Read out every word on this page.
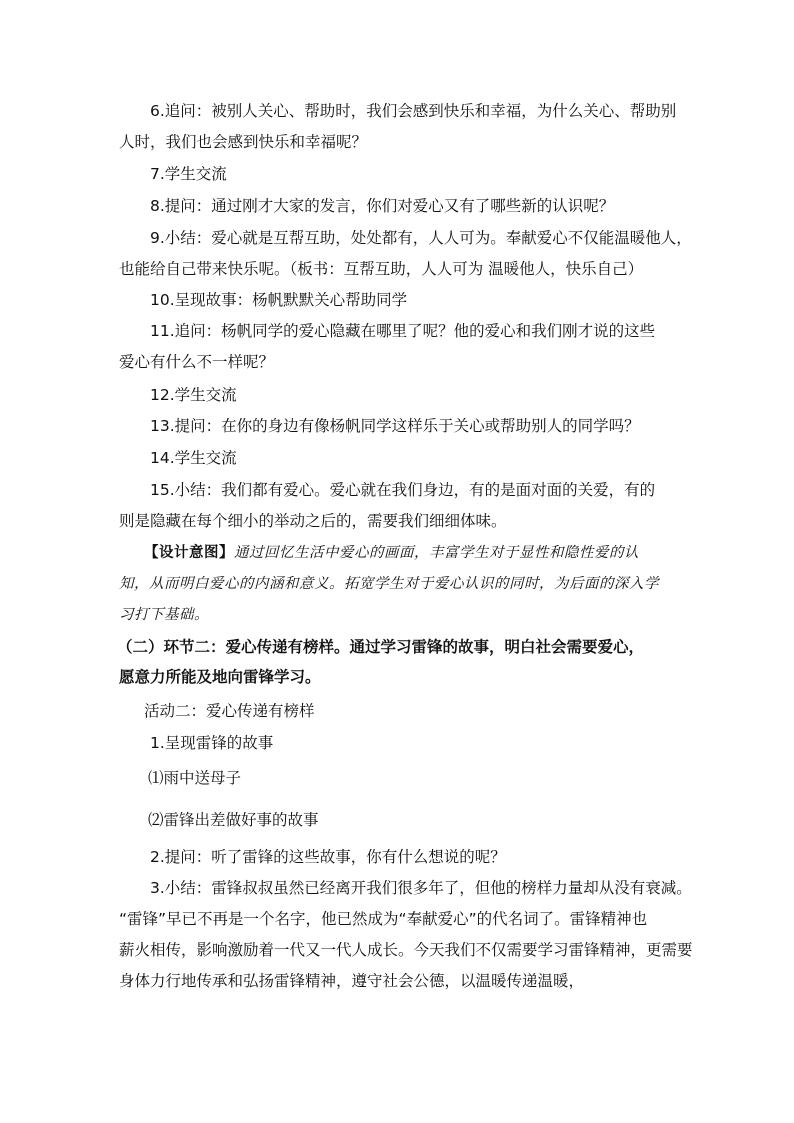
6.追问：被别人关心、帮助时，我们会感到快乐和幸福，为什么关心、帮助别
人时，我们也会感到快乐和幸福呢？
7.学生交流
8.提问：通过刚才大家的发言，你们对爱心又有了哪些新的认识呢？
9.小结：爱心就是互帮互助，处处都有，人人可为。奉献爱心不仅能温暖他人，
也能给自己带来快乐呢。（板书：互帮互助，人人可为 温暖他人，快乐自己）
10.呈现故事：杨帆默默关心帮助同学
11.追问：杨帆同学的爱心隐藏在哪里了呢？他的爱心和我们刚才说的这些
爱心有什么不一样呢？
12.学生交流
13.提问：在你的身边有像杨帆同学这样乐于关心或帮助别人的同学吗？
14.学生交流
15.小结：我们都有爱心。爱心就在我们身边，有的是面对面的关爱，有的
则是隐藏在每个细小的举动之后的，需要我们细细体味。
【设计意图】通过回忆生活中爱心的画面，丰富学生对于显性和隐性爱的认
知，从而明白爱心的内涵和意义。拓宽学生对于爱心认识的同时，为后面的深入学
习打下基础。
（二）环节二：爱心传递有榜样。通过学习雷锋的故事，明白社会需要爱心，
愿意力所能及地向雷锋学习。
活动二：爱心传递有榜样
1.呈现雷锋的故事
⑴雨中送母子
⑵雷锋出差做好事的故事
2.提问：听了雷锋的这些故事，你有什么想说的呢？
3.小结：雷锋叔叔虽然已经离开我们很多年了，但他的榜样力量却从没有衰减。
“雷锋”早已不再是一个名字，他已然成为“奉献爱心”的代名词了。雷锋精神也
薪火相传，影响激励着一代又一代人成长。今天我们不仅需要学习雷锋精神，更需要
身体力行地传承和弘扬雷锋精神，遵守社会公德，以温暖传递温暖，
